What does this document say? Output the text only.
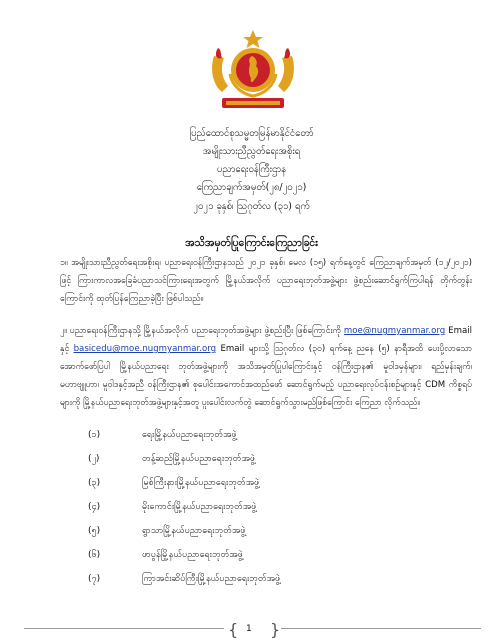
ပြည်ထောင်စုသမ္မတမြန်မာနိုင်ငံတော်
အမျိုးသားညီညွတ်ရေးအစိုးရ
ပညာရေးဝန်ကြီးဌာန
ကြေညာချက်အမှတ်(၂၈/၂၀၂၁)
၂၀၂၁ ခုနှစ်၊ ဩဂုတ်လ (၃၁) ရက်
အသိအမှတ်ပြုကြောင်းကြေညာခြင်း
၁။ အမျိုးသားညီညွတ်ရေးအစိုးရ၊ ပညာရေးဝန်ကြီးဌာနသည် ၂၀၂၁ ခုနှစ်၊ မေလ (၁၅) ရက်နေ့တွင် ကြေညာချက်အမှတ် (၁၂/၂၀၂၁) ဖြင့် ကြားကာလအခြေခံပညာသင်ကြားရေးအတွက် မြို့နယ်အလိုက် ပညာရေးဘုတ်အဖွဲ့များ ဖွဲ့စည်းဆောင်ရွက်ကြပါရန် တိုက်တွန်းကြောင်းကို ထုတ်ပြန်ကြေညာခဲ့ပြီး ဖြစ်ပါသည်။
၂။ ပညာရေးဝန်ကြီးဌာနသို့ မြို့နယ်အလိုက် ပညာရေးဘုတ်အဖွဲ့များ ဖွဲ့စည်းပြီး ဖြစ်ကြောင်းကို moe@nugmyanmar.org Email နှင့် basicedu@moe.nugmyanmar.org Email များသို့ ဩဂုတ်လ (၃၀) ရက်နေ့ ညနေ (၅) နာရီအထိ ပေးပို့လာသော အောက်ဖော်ပြပါ မြို့နယ်ပညာရေး ဘုတ်အဖွဲ့များကို အသိအမှတ်ပြုပါကြောင်းနှင့် ဝန်ကြီးဌာန၏ မူဝါဒမှန်များ၊ ရည်မှန်းချက်၊ မဟာဗျူဟာ၊ မူဝါဒနှင့်အညီ ဝန်ကြီးဌာန၏ စုပေါင်းအကောင်အထည်ဖော် ဆောင်ရွက်မည့် ပညာရေးလုပ်ငန်းစဉ်များနှင့် CDM ကိစ္စရပ်များကို မြို့နယ်ပညာရေးဘုတ်အဖွဲ့များနှင့်အတူ ပူးပေါင်းလက်တွဲ ဆောင်ရွက်သွားမည်ဖြစ်ကြောင်း ကြေညာ လိုက်သည်။
(၁)	ရေးမြို့နယ်ပညာရေးဘုတ်အဖွဲ့
(၂)	တန့်ဆည်မြို့နယ်ပညာရေးဘုတ်အဖွဲ့
(၃)	မြစ်ကြီးနားမြို့နယ်ပညာရေးဘုတ်အဖွဲ့
(၄)	မိုးကောင်းမြို့နယ်ပညာရေးဘုတ်အဖွဲ့
(၅)	ရွာသာမြို့နယ်ပညာရေးဘုတ်အဖွဲ့
(၆)	ဖာပွန်မြို့နယ်ပညာရေးဘုတ်အဖွဲ့
(၇)	ကြာအင်းဆိပ်ကြီးမြို့နယ်ပညာရေးဘုတ်အဖွဲ့
{ 1 }
